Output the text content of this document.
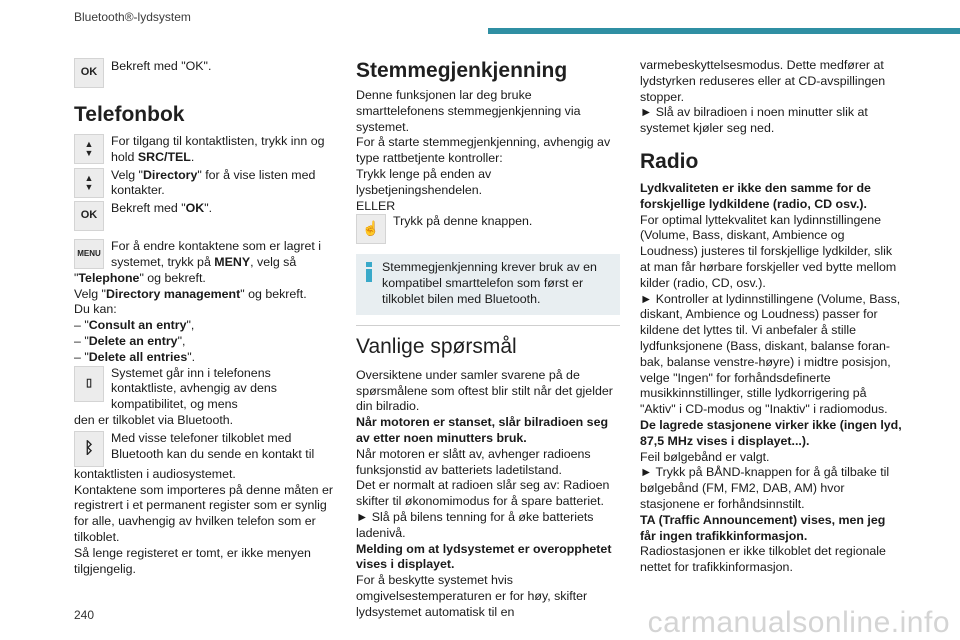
Bluetooth®-lydsystem
OK	Bekreft med "OK".

Telefonbok
▲
▼

For tilgang til kontaktlisten, trykk inn og hold SRC/TEL.

▲
▼

Velg "Directory" for å vise listen med kontakter.

OK

Bekreft med "OK".

MENU

For å endre kontaktene som er lagret i systemet, trykk på MENY, velg så

"Telephone" og bekreft.

Velg "Directory management" og bekreft.

Du kan:

– "Consult an entry",

– "Delete an entry",

– "Delete all entries".

▯

Systemet går inn i telefonens kontaktliste, avhengig av dens kompatibilitet, og mens

den er tilkoblet via Bluetooth.

ᛒ

Med visse telefoner tilkoblet med Bluetooth kan du sende en kontakt til

kontaktlisten i audiosystemet.

Kontaktene som importeres på denne måten er registrert i et permanent register som er synlig for alle, uavhengig av hvilken telefon som er tilkoblet.

Så lenge registeret er tomt, er ikke menyen tilgjengelig.

Stemmegjenkjenning

Denne funksjonen lar deg bruke smarttelefonens stemmegjenkjenning via systemet.

For å starte stemmegjenkjenning, avhengig av type rattbetjente kontroller:

Trykk lenge på enden av lysbetjeningshendelen.

ELLER

☝	Trykk på denne knappen.

Stemmegjenkjenning krever bruk av en kompatibel smarttelefon som først er tilkoblet bilen med Bluetooth.

Vanlige spørsmål

Oversiktene under samler svarene på de spørsmålene som oftest blir stilt når det gjelder din bilradio.

Når motoren er stanset, slår bilradioen seg av etter noen minutters bruk.

Når motoren er slått av, avhenger radioens funksjonstid av batteriets ladetilstand.

Det er normalt at radioen slår seg av: Radioen skifter til økonomimodus for å spare batteriet.

► Slå på bilens tenning for å øke batteriets ladenivå.

Melding om at lydsystemet er overopphetet vises i displayet.

For å beskytte systemet hvis omgivelsestemperaturen er for høy, skifter lydsystemet automatisk til en

varmebeskyttelsesmodus. Dette medfører at lydstyrken reduseres eller at CD-avspillingen stopper.

► Slå av bilradioen i noen minutter slik at systemet kjøler seg ned.

Radio

Lydkvaliteten er ikke den samme for de forskjellige lydkildene (radio, CD osv.).

For optimal lyttekvalitet kan lydinnstillingene (Volume, Bass, diskant, Ambience og Loudness) justeres til forskjellige lydkilder, slik at man får hørbare forskjeller ved bytte mellom kilder (radio, CD, osv.).

► Kontroller at lydinnstillingene (Volume, Bass, diskant, Ambience og Loudness) passer for kildene det lyttes til. Vi anbefaler å stille lydfunksjonene (Bass, diskant, balanse foran-bak, balanse venstre-høyre) i midtre posisjon, velge "Ingen" for forhåndsdefinerte musikkinnstillinger, stille lydkorrigering på "Aktiv" i CD-modus og "Inaktiv" i radiomodus.

De lagrede stasjonene virker ikke (ingen lyd, 87,5 MHz vises i displayet...).

Feil bølgebånd er valgt.

► Trykk på BÅND-knappen for å gå tilbake til bølgebånd (FM, FM2, DAB, AM) hvor stasjonene er forhåndsinnstilt.

TA (Traffic Announcement) vises, men jeg får ingen trafikkinformasjon.

Radiostasjonen er ikke tilkoblet det regionale nettet for trafikkinformasjon.

240	carmanualsonline.info
